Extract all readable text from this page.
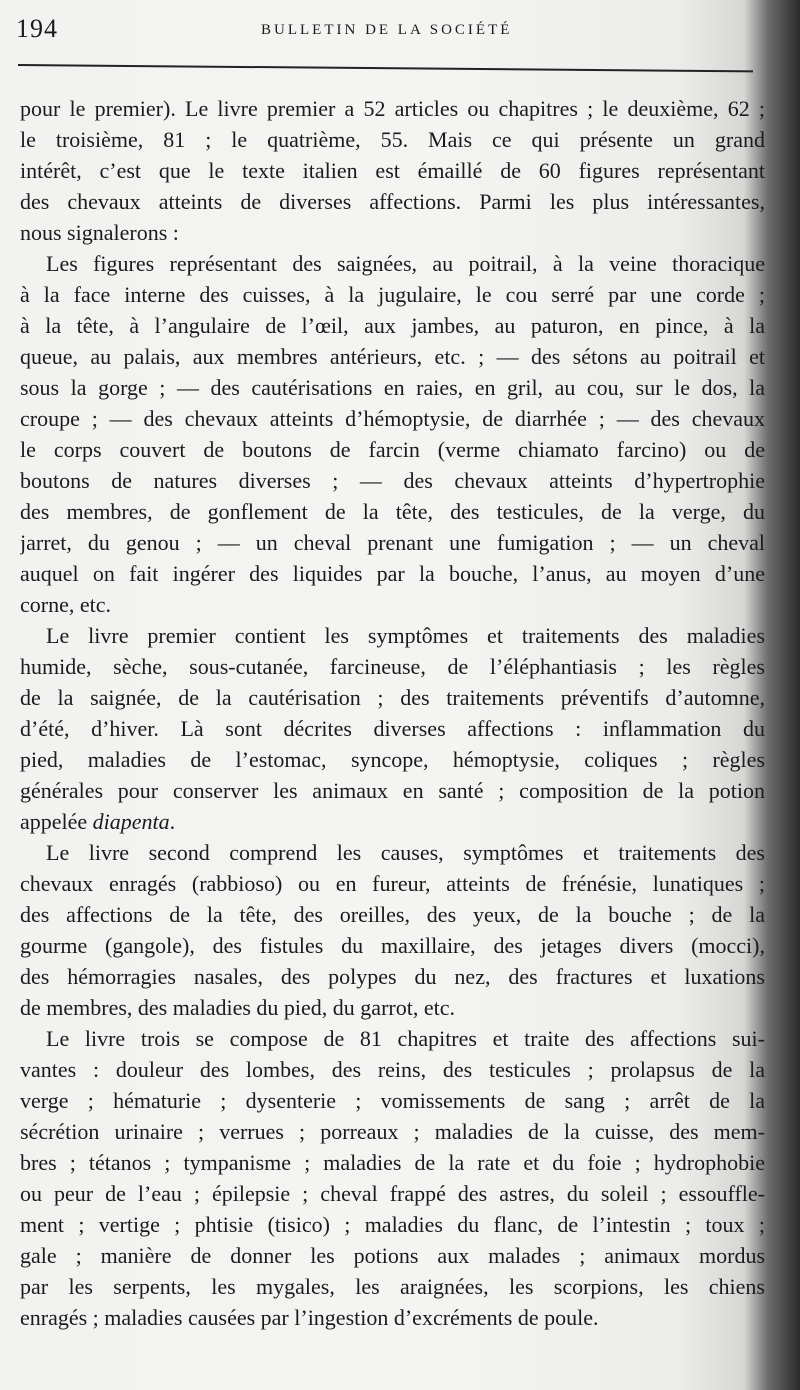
194	BULLETIN DE LA SOCIÉTÉ
pour le premier). Le livre premier a 52 articles ou chapitres ; le deuxième, 62 ;
le troisième, 81 ; le quatrième, 55. Mais ce qui présente un grand
intérêt, c’est que le texte italien est émaillé de 60 figures représentant
des chevaux atteints de diverses affections. Parmi les plus intéressantes,
nous signalerons :
Les figures représentant des saignées, au poitrail, à la veine thoracique
à la face interne des cuisses, à la jugulaire, le cou serré par une corde ;
à la tête, à l’angulaire de l’œil, aux jambes, au paturon, en pince, à la
queue, au palais, aux membres antérieurs, etc. ; — des sétons au poitrail et
sous la gorge ; — des cautérisations en raies, en gril, au cou, sur le dos, la
croupe ; — des chevaux atteints d’hémoptysie, de diarrhée ; — des chevaux
le corps couvert de boutons de farcin (verme chiamato farcino) ou de
boutons de natures diverses ; — des chevaux atteints d’hypertrophie
des membres, de gonflement de la tête, des testicules, de la verge, du
jarret, du genou ; — un cheval prenant une fumigation ; — un cheval
auquel on fait ingérer des liquides par la bouche, l’anus, au moyen d’une
corne, etc.
Le livre premier contient les symptômes et traitements des maladies
humide, sèche, sous-cutanée, farcineuse, de l’éléphantiasis ; les règles
de la saignée, de la cautérisation ; des traitements préventifs d’automne,
d’été, d’hiver. Là sont décrites diverses affections : inflammation du
pied, maladies de l’estomac, syncope, hémoptysie, coliques ; règles
générales pour conserver les animaux en santé ; composition de la potion
appelée diapenta.
Le livre second comprend les causes, symptômes et traitements des
chevaux enragés (rabbioso) ou en fureur, atteints de frénésie, lunatiques ;
des affections de la tête, des oreilles, des yeux, de la bouche ; de la
gourme (gangole), des fistules du maxillaire, des jetages divers (mocci),
des hémorragies nasales, des polypes du nez, des fractures et luxations
de membres, des maladies du pied, du garrot, etc.
Le livre trois se compose de 81 chapitres et traite des affections sui-
vantes : douleur des lombes, des reins, des testicules ; prolapsus de la
verge ; hématurie ; dysenterie ; vomissements de sang ; arrêt de la
sécrétion urinaire ; verrues ; porreaux ; maladies de la cuisse, des mem-
bres ; tétanos ; tympanisme ; maladies de la rate et du foie ; hydrophobie
ou peur de l’eau ; épilepsie ; cheval frappé des astres, du soleil ; essouffle-
ment ; vertige ; phtisie (tisico) ; maladies du flanc, de l’intestin ; toux ;
gale ; manière de donner les potions aux malades ; animaux mordus
par les serpents, les mygales, les araignées, les scorpions, les chiens
enragés ; maladies causées par l’ingestion d’excréments de poule.
